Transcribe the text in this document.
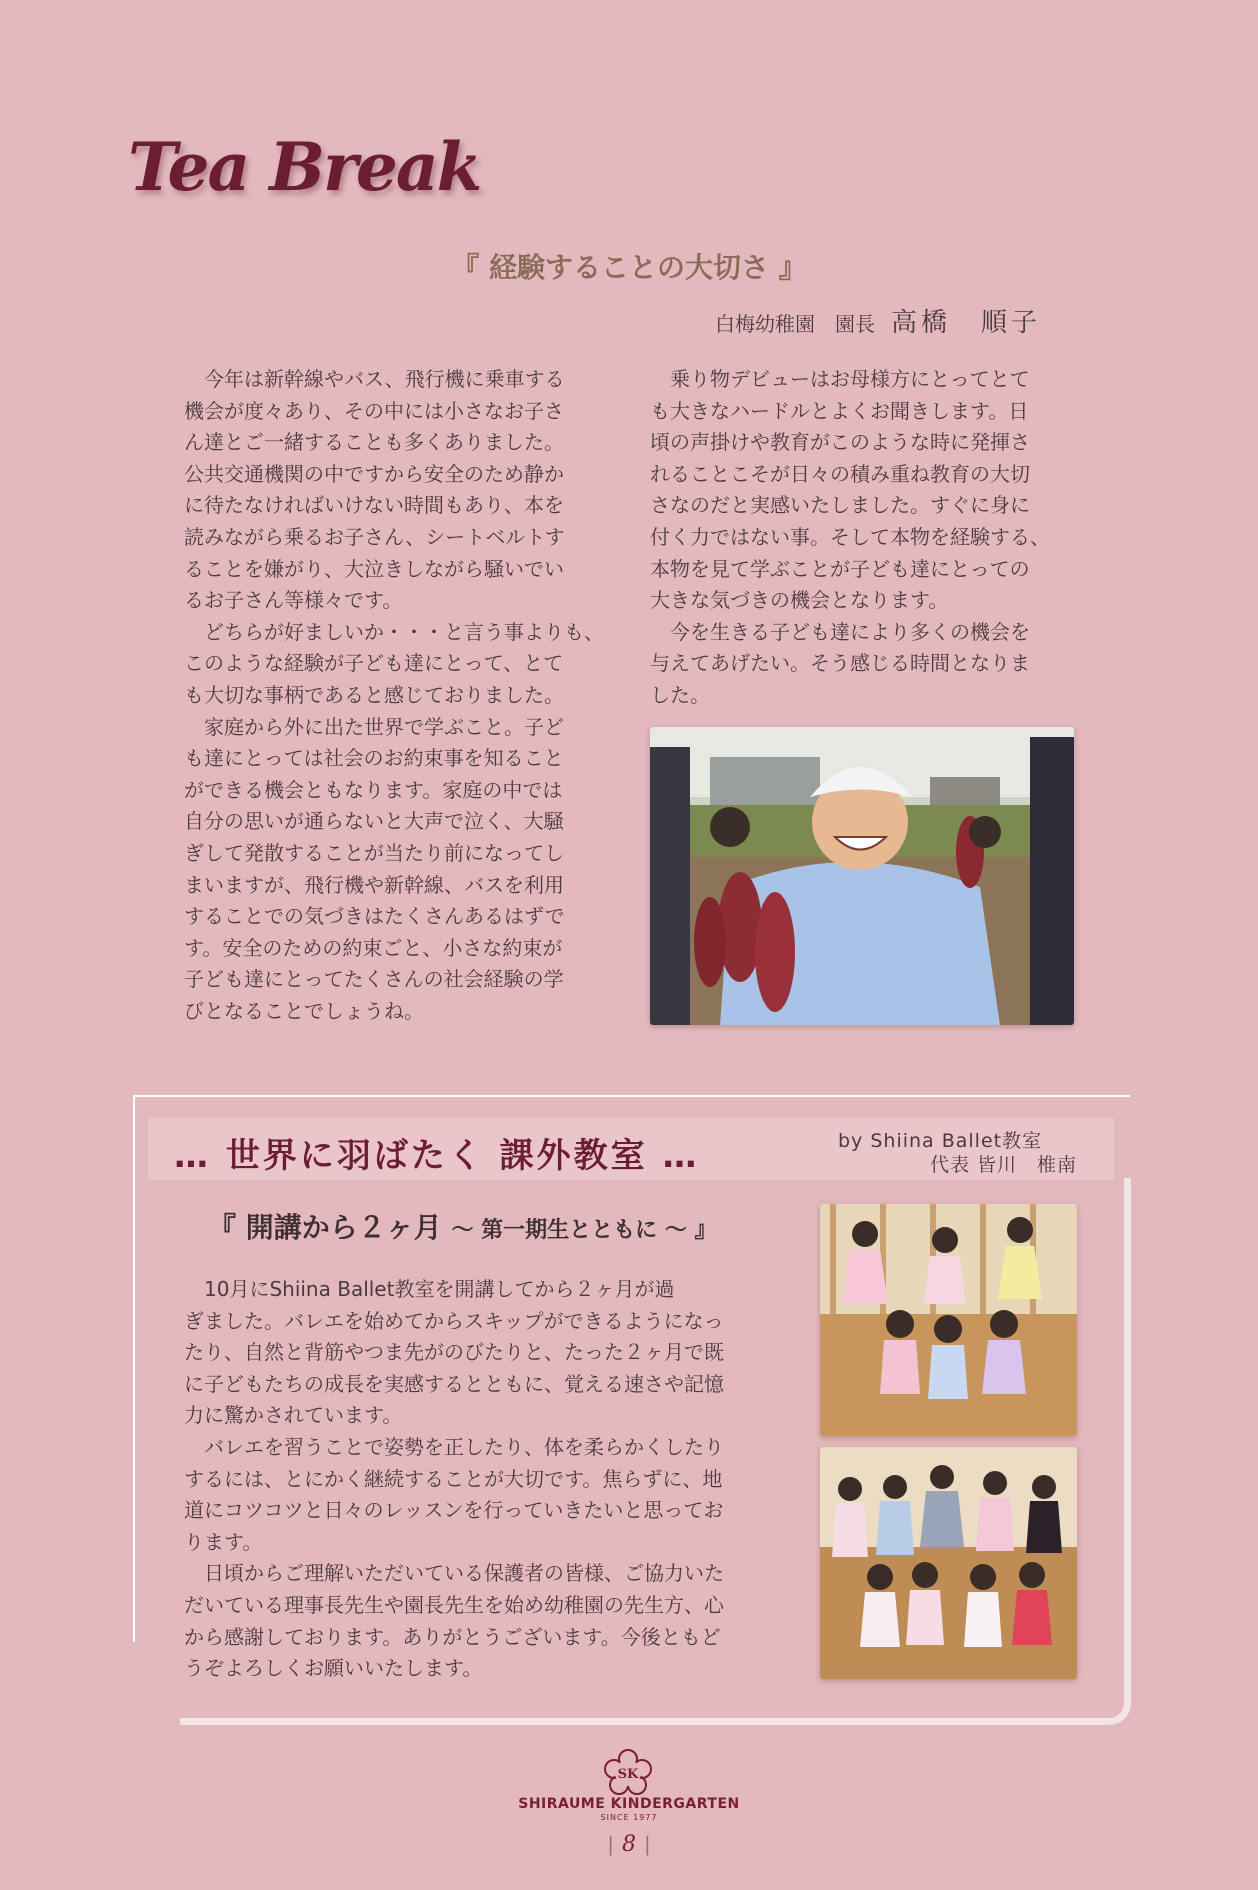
Tea Break
『 経験することの大切さ 』
白梅幼稚園　園長 高橋　順子

　今年は新幹線やバス、飛行機に乗車する
機会が度々あり、その中には小さなお子さ
ん達とご一緒することも多くありました。
公共交通機関の中ですから安全のため静か
に待たなければいけない時間もあり、本を
読みながら乗るお子さん、シートベルトす
ることを嫌がり、大泣きしながら騒いでい
るお子さん等様々です。
　どちらが好ましいか・・・と言う事よりも、
このような経験が子ども達にとって、とて
も大切な事柄であると感じておりました。
　家庭から外に出た世界で学ぶこと。子ど
も達にとっては社会のお約束事を知ること
ができる機会ともなります。家庭の中では
自分の思いが通らないと大声で泣く、大騒
ぎして発散することが当たり前になってし
まいますが、飛行機や新幹線、バスを利用
することでの気づきはたくさんあるはずで
す。安全のための約束ごと、小さな約束が
子ども達にとってたくさんの社会経験の学
びとなることでしょうね。

　乗り物デビューはお母様方にとってとて
も大きなハードルとよくお聞きします。日
頃の声掛けや教育がこのような時に発揮さ
れることこそが日々の積み重ね教育の大切
さなのだと実感いたしました。すぐに身に
付く力ではない事。そして本物を経験する、
本物を見て学ぶことが子ども達にとっての
大きな気づきの機会となります。
　今を生きる子ども達により多くの機会を
与えてあげたい。そう感じる時間となりま
した。

… 世界に羽ばたく 課外教室 …	by Shiina Ballet教室
代表 皆川　椎南
『 開講から２ヶ月 ～ 第一期生とともに ～ 』

　10月にShiina Ballet教室を開講してから２ヶ月が過
ぎました。バレエを始めてからスキップができるようになっ
たり、自然と背筋やつま先がのびたりと、たった２ヶ月で既
に子どもたちの成長を実感するとともに、覚える速さや記憶
力に驚かされています。
　バレエを習うことで姿勢を正したり、体を柔らかくしたり
するには、とにかく継続することが大切です。焦らずに、地
道にコツコツと日々のレッスンを行っていきたいと思ってお
ります。
　日頃からご理解いただいている保護者の皆様、ご協力いた
だいている理事長先生や園長先生を始め幼稚園の先生方、心
から感謝しております。ありがとうございます。今後ともど
うぞよろしくお願いいたします。

SK
SHIRAUME KINDERGARTEN
SINCE 1977
| 8 |
